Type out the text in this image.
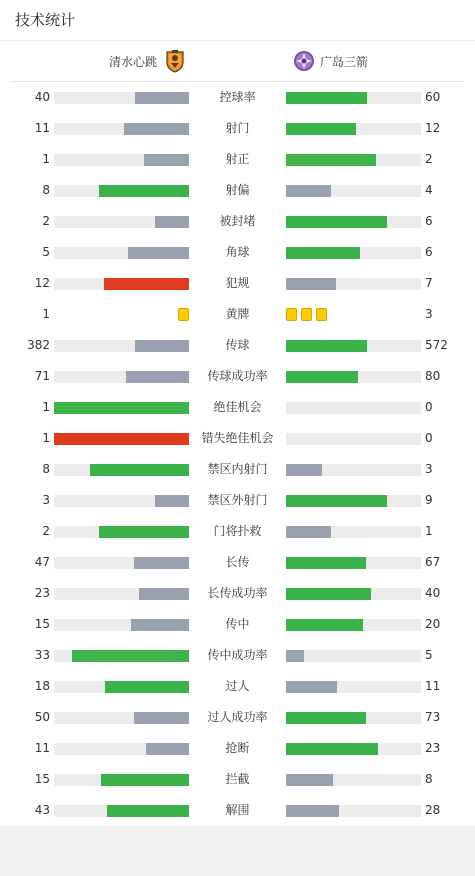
技术统计
清水心跳	广岛三箭
40	控球率	60
11	射门	12
1	射正	2
8	射偏	4
2	被封堵	6
5	角球	6
12	犯规	7
1	黄牌	3
382	传球	572
71	传球成功率	80
1	绝佳机会	0
1	错失绝佳机会	0
8	禁区内射门	3
3	禁区外射门	9
2	门将扑救	1
47	长传	67
23	长传成功率	40
15	传中	20
33	传中成功率	5
18	过人	11
50	过人成功率	73
11	抢断	23
15	拦截	8
43	解围	28
